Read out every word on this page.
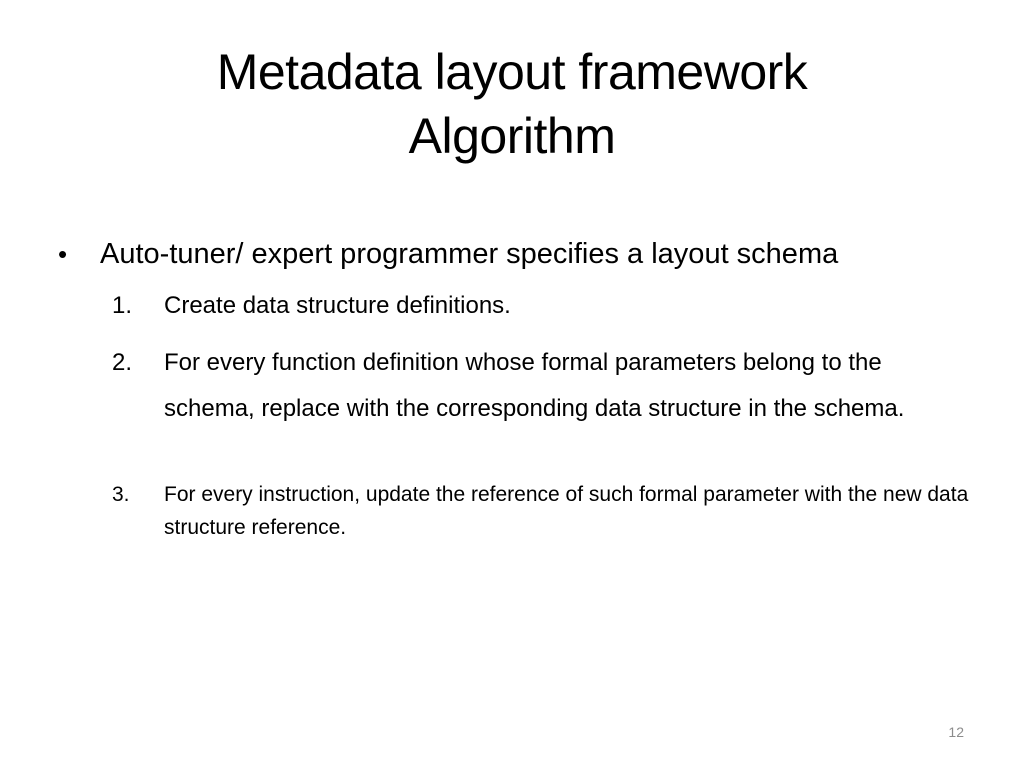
Metadata layout framework
Algorithm
• Auto-tuner/ expert programmer specifies a layout schema
1. Create data structure definitions.
2. For every function definition whose formal parameters belong to the schema, replace with the corresponding data structure in the schema.
3. For every instruction, update the reference of such formal parameter with the new data structure reference.
12
